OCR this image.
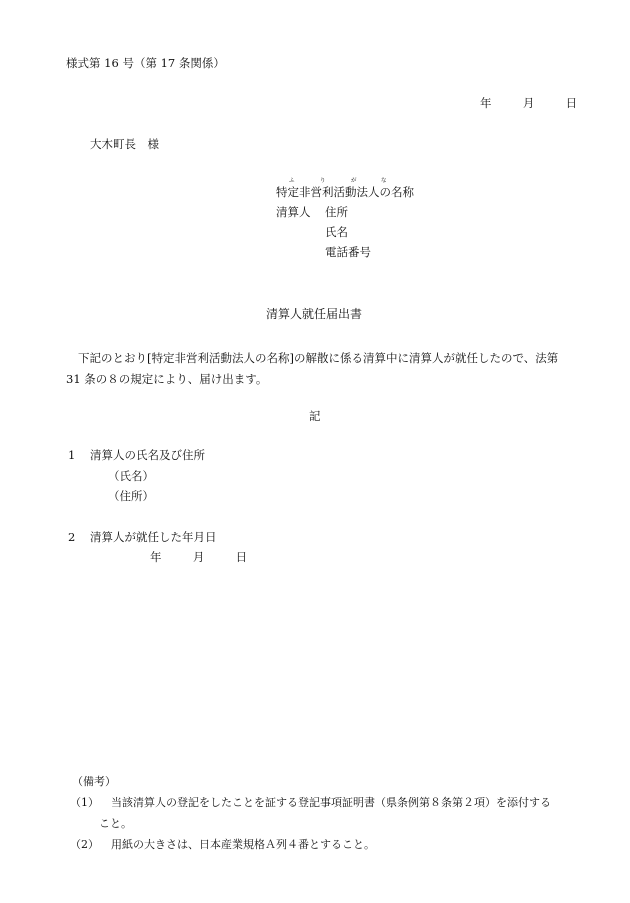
様式第 16 号（第 17 条関係）
年	月	日
大木町長　様
ふ	り	が	な
特定非営利活動法人の名称
清算人 住所
氏名
電話番号
清算人就任届出書
下記のとおり[特定非営利活動法人の名称]の解散に係る清算中に清算人が就任したので、法第 31 条の８の規定により、届け出ます。
記
1 清算人の氏名及び住所
（氏名）
（住所）
2 清算人が就任した年月日
年	月	日
（備考）
（1） 当該清算人の登記をしたことを証する登記事項証明書（県条例第８条第２項）を添付する
こと。
（2） 用紙の大きさは、日本産業規格Ａ列４番とすること。
